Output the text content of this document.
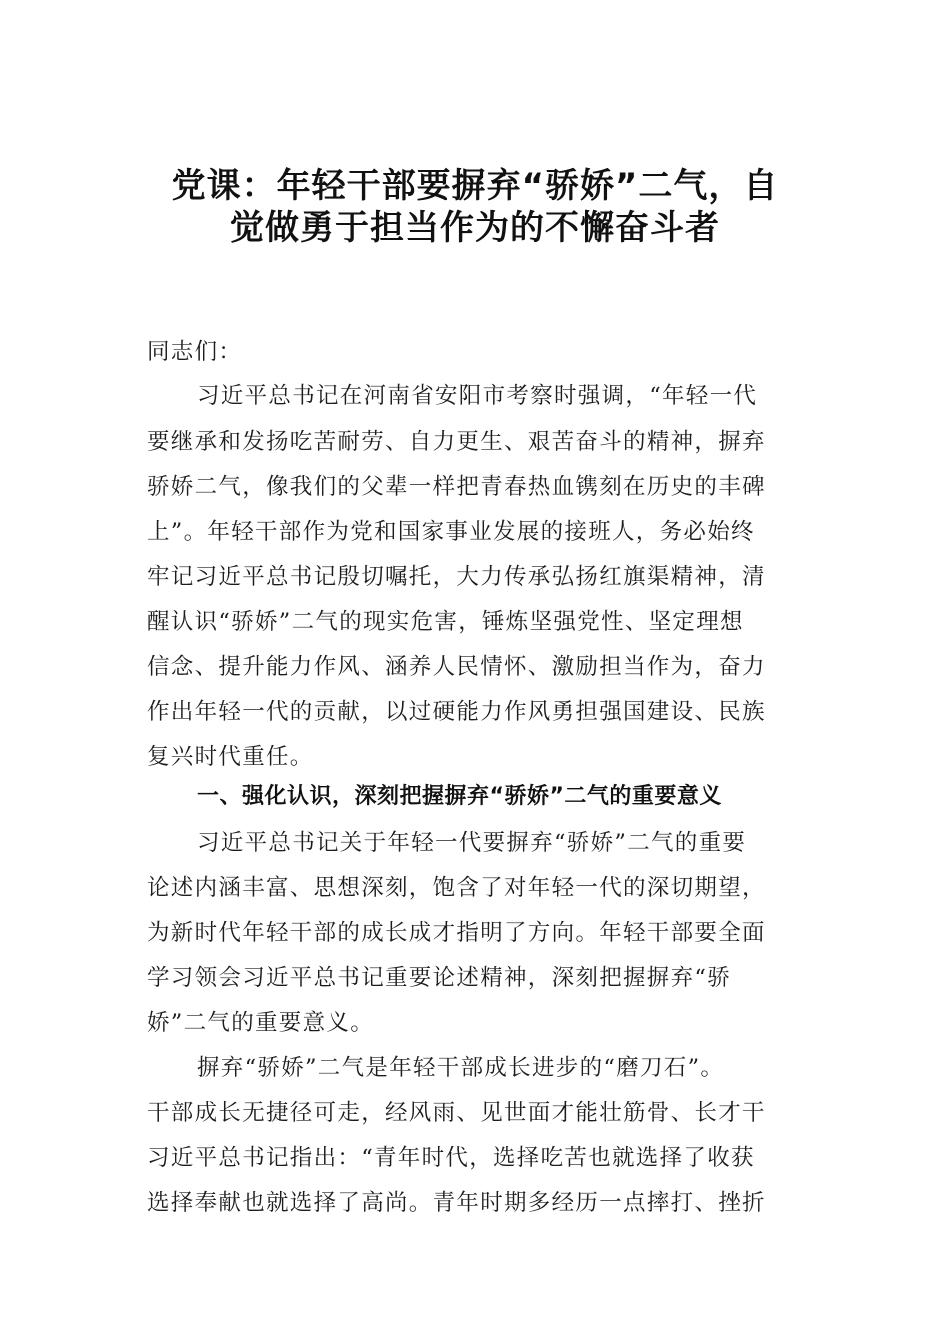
党课：年轻干部要摒弃“骄娇”二气，自
觉做勇于担当作为的不懈奋斗者
同志们：
习近平总书记在河南省安阳市考察时强调，“年轻一代
要继承和发扬吃苦耐劳、自力更生、艰苦奋斗的精神，摒弃
骄娇二气，像我们的父辈一样把青春热血镌刻在历史的丰碑
上”。年轻干部作为党和国家事业发展的接班人，务必始终
牢记习近平总书记殷切嘱托，大力传承弘扬红旗渠精神，清
醒认识“骄娇”二气的现实危害，锤炼坚强党性、坚定理想
信念、提升能力作风、涵养人民情怀、激励担当作为，奋力
作出年轻一代的贡献，以过硬能力作风勇担强国建设、民族
复兴时代重任。
一、强化认识，深刻把握摒弃“骄娇”二气的重要意义
习近平总书记关于年轻一代要摒弃“骄娇”二气的重要
论述内涵丰富、思想深刻，饱含了对年轻一代的深切期望，
为新时代年轻干部的成长成才指明了方向。年轻干部要全面
学习领会习近平总书记重要论述精神，深刻把握摒弃“骄
娇”二气的重要意义。
摒弃“骄娇”二气是年轻干部成长进步的“磨刀石”。
干部成长无捷径可走，经风雨、见世面才能壮筋骨、长才干
习近平总书记指出：“青年时代，选择吃苦也就选择了收获
选择奉献也就选择了高尚。青年时期多经历一点摔打、挫折
